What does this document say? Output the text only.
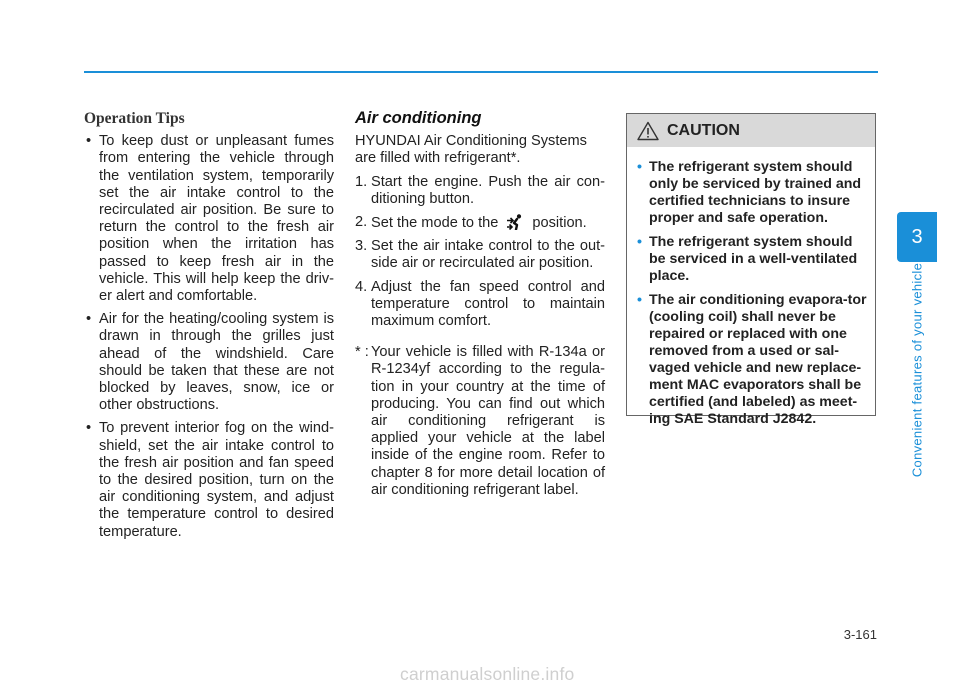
Operation Tips
• To keep dust or unpleasant fumes from entering the vehicle through the ventilation system, temporarily set the air intake control to the recirculated air position. Be sure to return the control to the fresh air position when the irritation has passed to keep fresh air in the vehicle. This will help keep the driv-er alert and comfortable.
• Air for the heating/cooling system is drawn in through the grilles just ahead of the windshield. Care should be taken that these are not blocked by leaves, snow, ice or other obstructions.
• To prevent interior fog on the wind-shield, set the air intake control to the fresh air position and fan speed to the desired position, turn on the air conditioning system, and adjust the temperature control to desired temperature.
Air conditioning

HYUNDAI Air Conditioning Systems are filled with refrigerant*.

1. Start the engine. Push the air con-ditioning button.
2. Set the mode to the position.
3. Set the air intake control to the out-side air or recirculated air position.
4. Adjust the fan speed control and temperature control to maintain maximum comfort.
* : Your vehicle is filled with R-134a or R-1234yf according to the regula-tion in your country at the time of producing. You can find out which air conditioning refrigerant is applied your vehicle at the label inside of the engine room. Refer to chapter 8 for more detail location of air conditioning refrigerant label.
CAUTION
• The refrigerant system should only be serviced by trained and certified technicians to insure proper and safe operation.
• The refrigerant system should be serviced in a well-ventilated place.
• The air conditioning evapora-tor (cooling coil) shall never be repaired or replaced with one removed from a used or sal-vaged vehicle and new replace-ment MAC evaporators shall be certified (and labeled) as meet-ing SAE Standard J2842.
3
Convenient features of your vehicle
3-161
carmanualsonline.info
